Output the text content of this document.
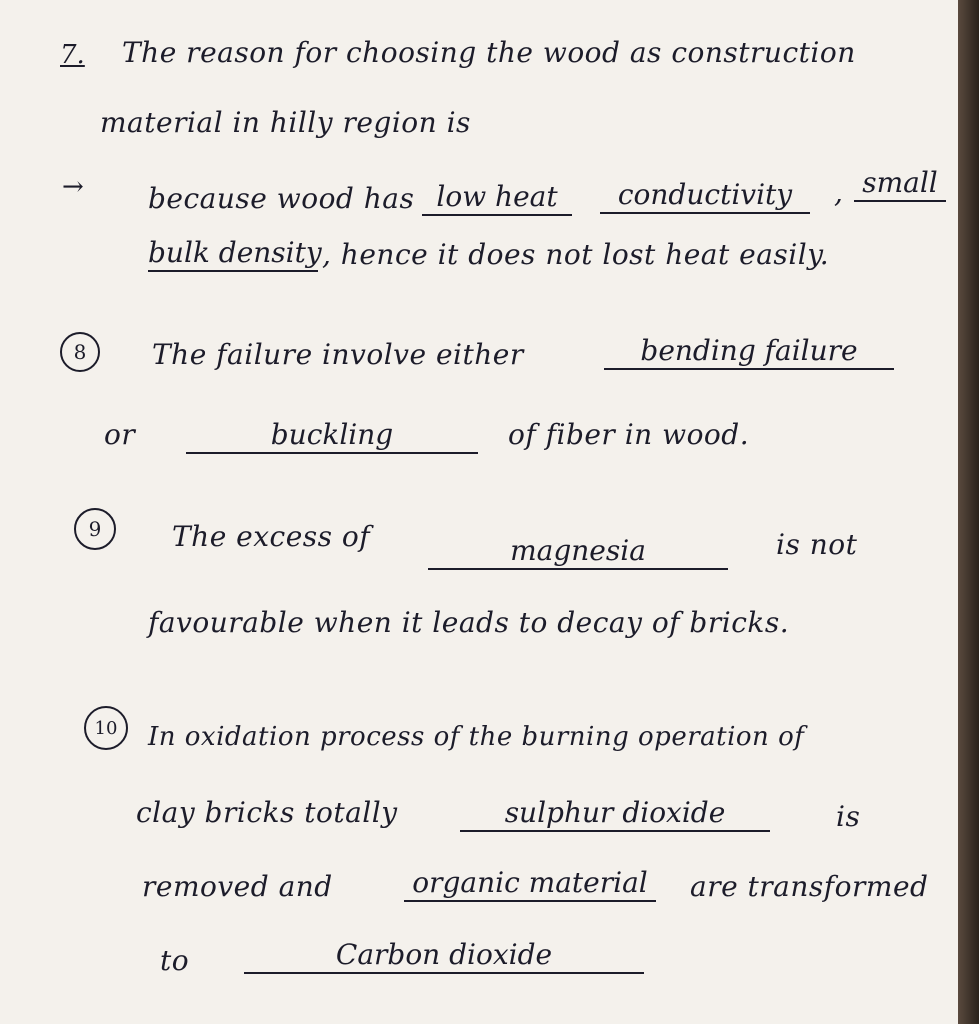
7. The reason for choosing the wood as construction
material in hilly region is
→ because wood has low heat	conductivity	, small
bulk density , hence it does not lost heat easily.
8 The failure involve either	bending failure
or	buckling	of fiber in wood.
9	The excess of	magnesia	is not
favourable when it leads to decay of bricks.
10 In oxidation process of the burning operation of
clay bricks totally	sulphur dioxide	is
removed and	organic material are transformed
to	Carbon dioxide
